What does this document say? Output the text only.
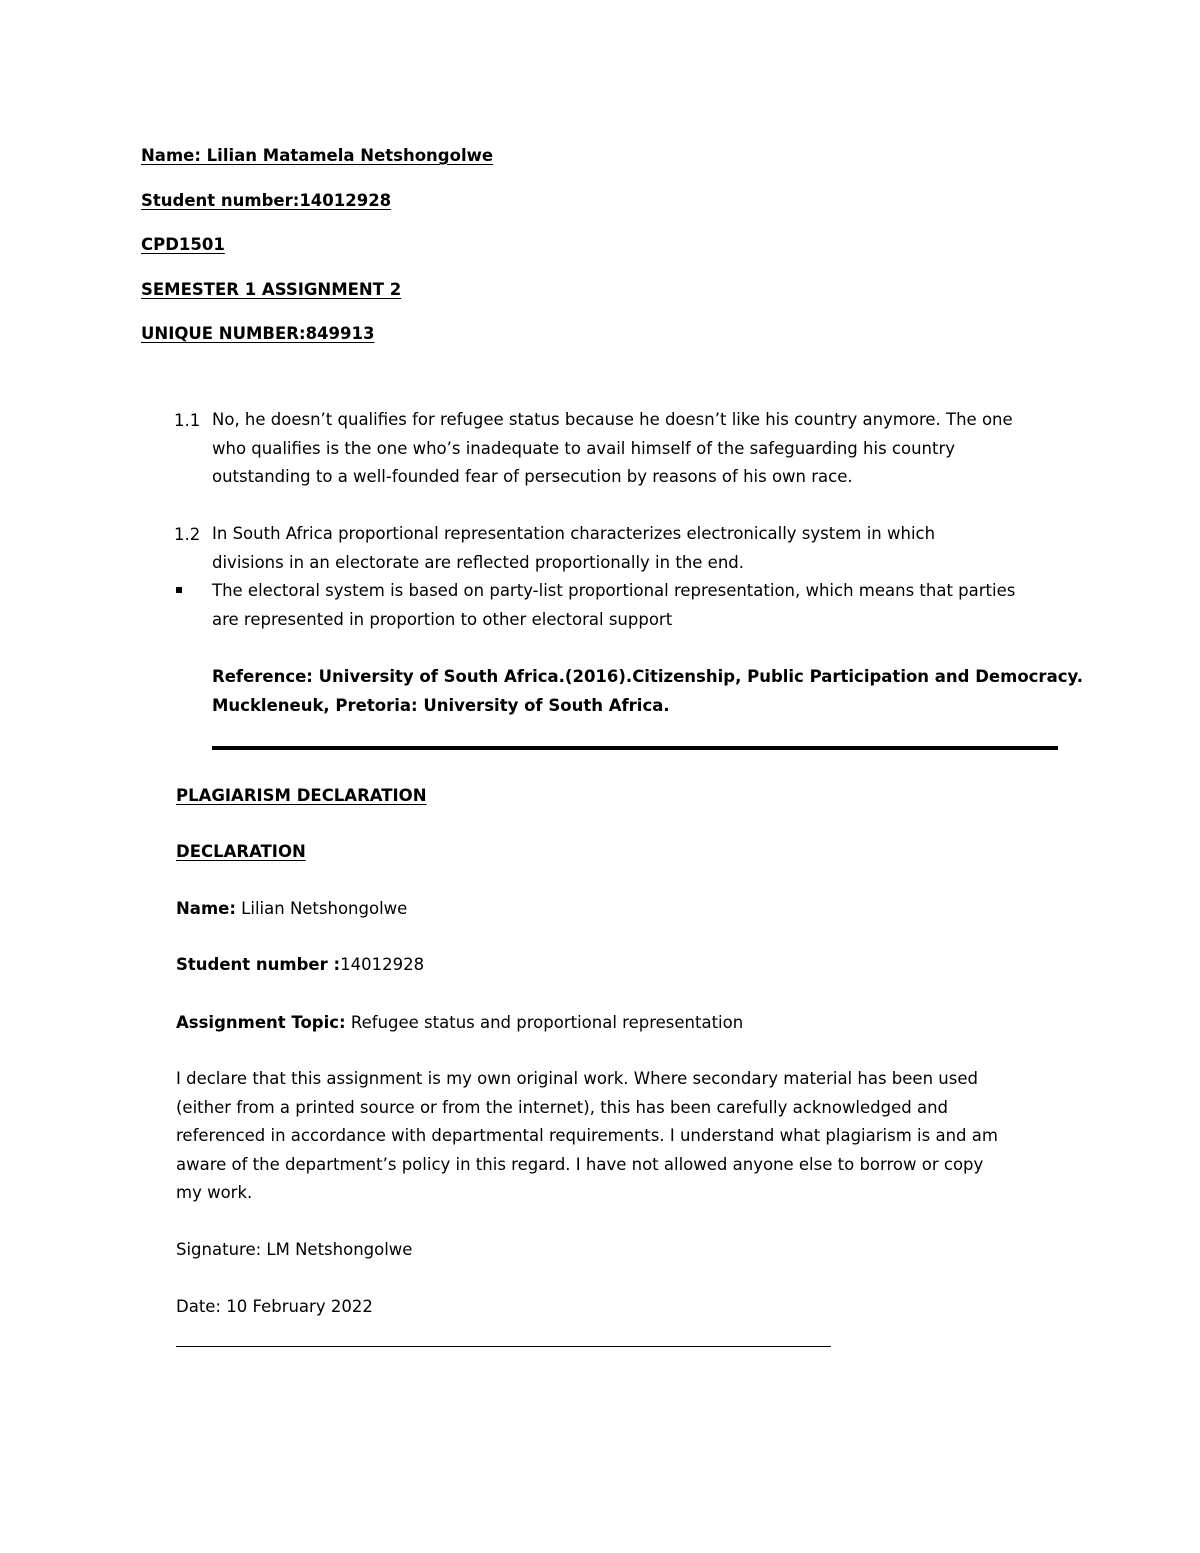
Name: Lilian Matamela Netshongolwe
Student number:14012928
CPD1501
SEMESTER 1 ASSIGNMENT 2
UNIQUE NUMBER:849913
1.1 No, he doesn’t qualifies for refugee status because he doesn’t like his country anymore. The one
who qualifies is the one who’s inadequate to avail himself of the safeguarding his country
outstanding to a well-founded fear of persecution by reasons of his own race.
1.2 In South Africa proportional representation characterizes electronically system in which
divisions in an electorate are reflected proportionally in the end.
The electoral system is based on party-list proportional representation, which means that parties
are represented in proportion to other electoral support
Reference: University of South Africa.(2016).Citizenship, Public Participation and Democracy.
Muckleneuk, Pretoria: University of South Africa.
PLAGIARISM DECLARATION
DECLARATION
Name: Lilian Netshongolwe
Student number :14012928
Assignment Topic: Refugee status and proportional representation
I declare that this assignment is my own original work. Where secondary material has been used
(either from a printed source or from the internet), this has been carefully acknowledged and
referenced in accordance with departmental requirements. I understand what plagiarism is and am
aware of the department’s policy in this regard. I have not allowed anyone else to borrow or copy
my work.
Signature: LM Netshongolwe
Date: 10 February 2022
